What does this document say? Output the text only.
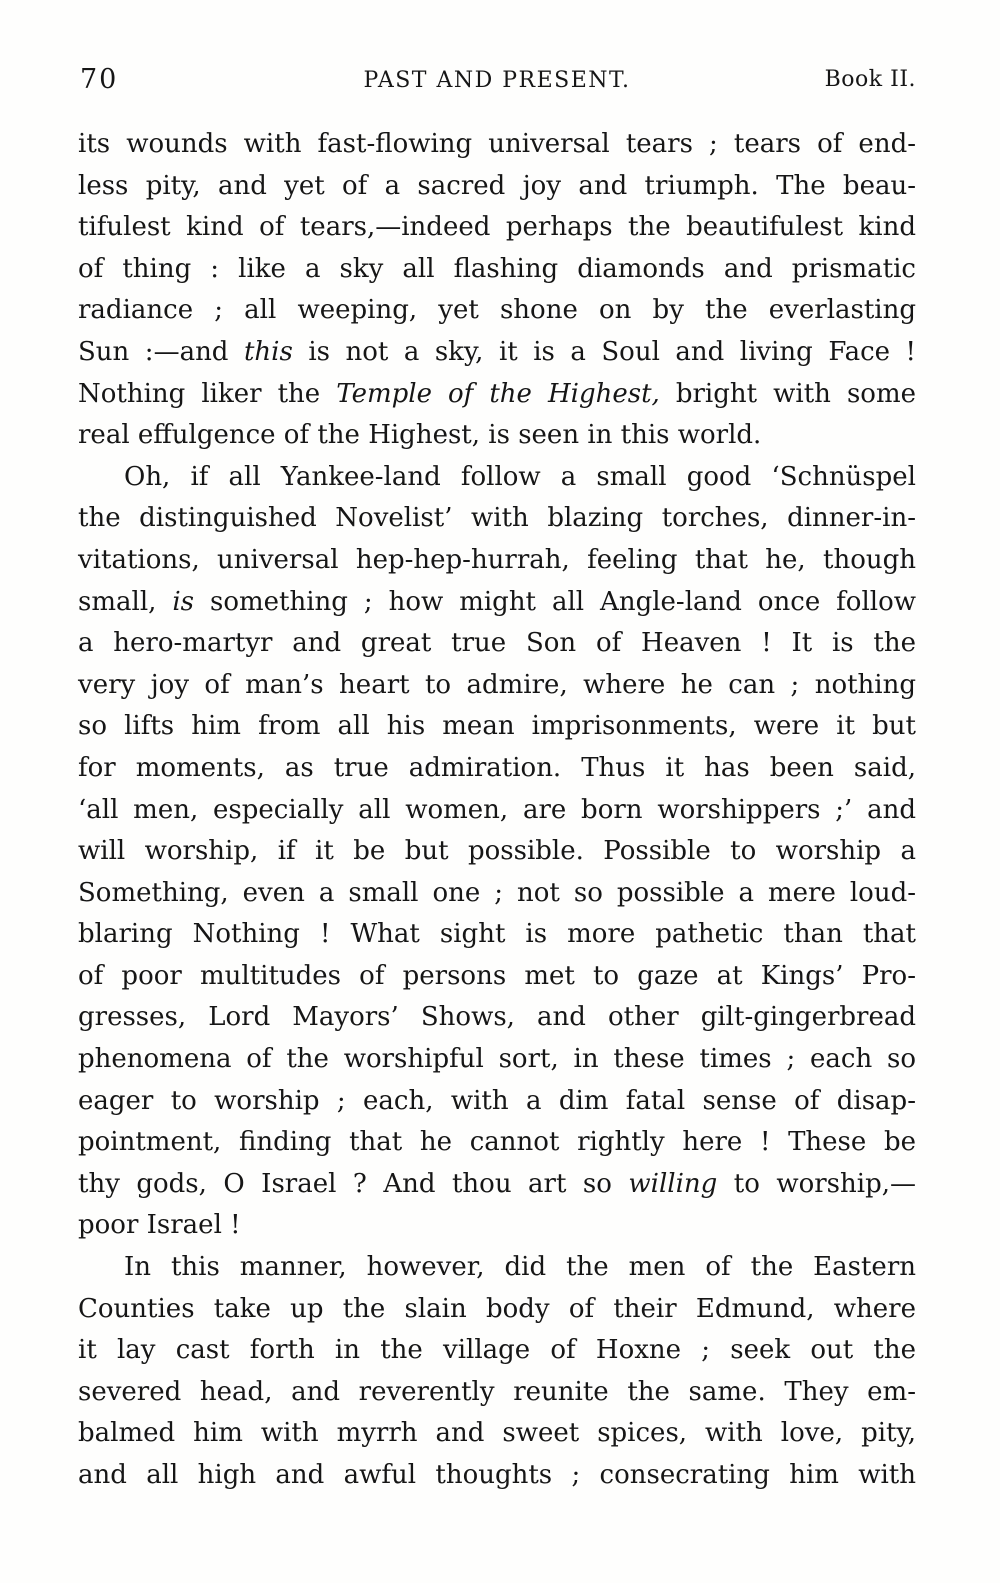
70	PAST AND PRESENT.	Book II.
its wounds with fast-flowing universal tears ; tears of end-
less pity, and yet of a sacred joy and triumph. The beau-
tifulest kind of tears,—indeed perhaps the beautifulest kind
of thing : like a sky all flashing diamonds and prismatic
radiance ; all weeping, yet shone on by the everlasting
Sun :—and this is not a sky, it is a Soul and living Face !
Nothing liker the Temple of the Highest, bright with some
real effulgence of the Highest, is seen in this world.
Oh, if all Yankee-land follow a small good ‘Schnüspel
the distinguished Novelist’ with blazing torches, dinner-in-
vitations, universal hep-hep-hurrah, feeling that he, though
small, is something ; how might all Angle-land once follow
a hero-martyr and great true Son of Heaven ! It is the
very joy of man’s heart to admire, where he can ; nothing
so lifts him from all his mean imprisonments, were it but
for moments, as true admiration. Thus it has been said,
‘all men, especially all women, are born worshippers ;’ and
will worship, if it be but possible. Possible to worship a
Something, even a small one ; not so possible a mere loud-
blaring Nothing ! What sight is more pathetic than that
of poor multitudes of persons met to gaze at Kings’ Pro-
gresses, Lord Mayors’ Shows, and other gilt-gingerbread
phenomena of the worshipful sort, in these times ; each so
eager to worship ; each, with a dim fatal sense of disap-
pointment, finding that he cannot rightly here ! These be
thy gods, O Israel ? And thou art so willing to worship,—
poor Israel !
In this manner, however, did the men of the Eastern
Counties take up the slain body of their Edmund, where
it lay cast forth in the village of Hoxne ; seek out the
severed head, and reverently reunite the same. They em-
balmed him with myrrh and sweet spices, with love, pity,
and all high and awful thoughts ; consecrating him with
